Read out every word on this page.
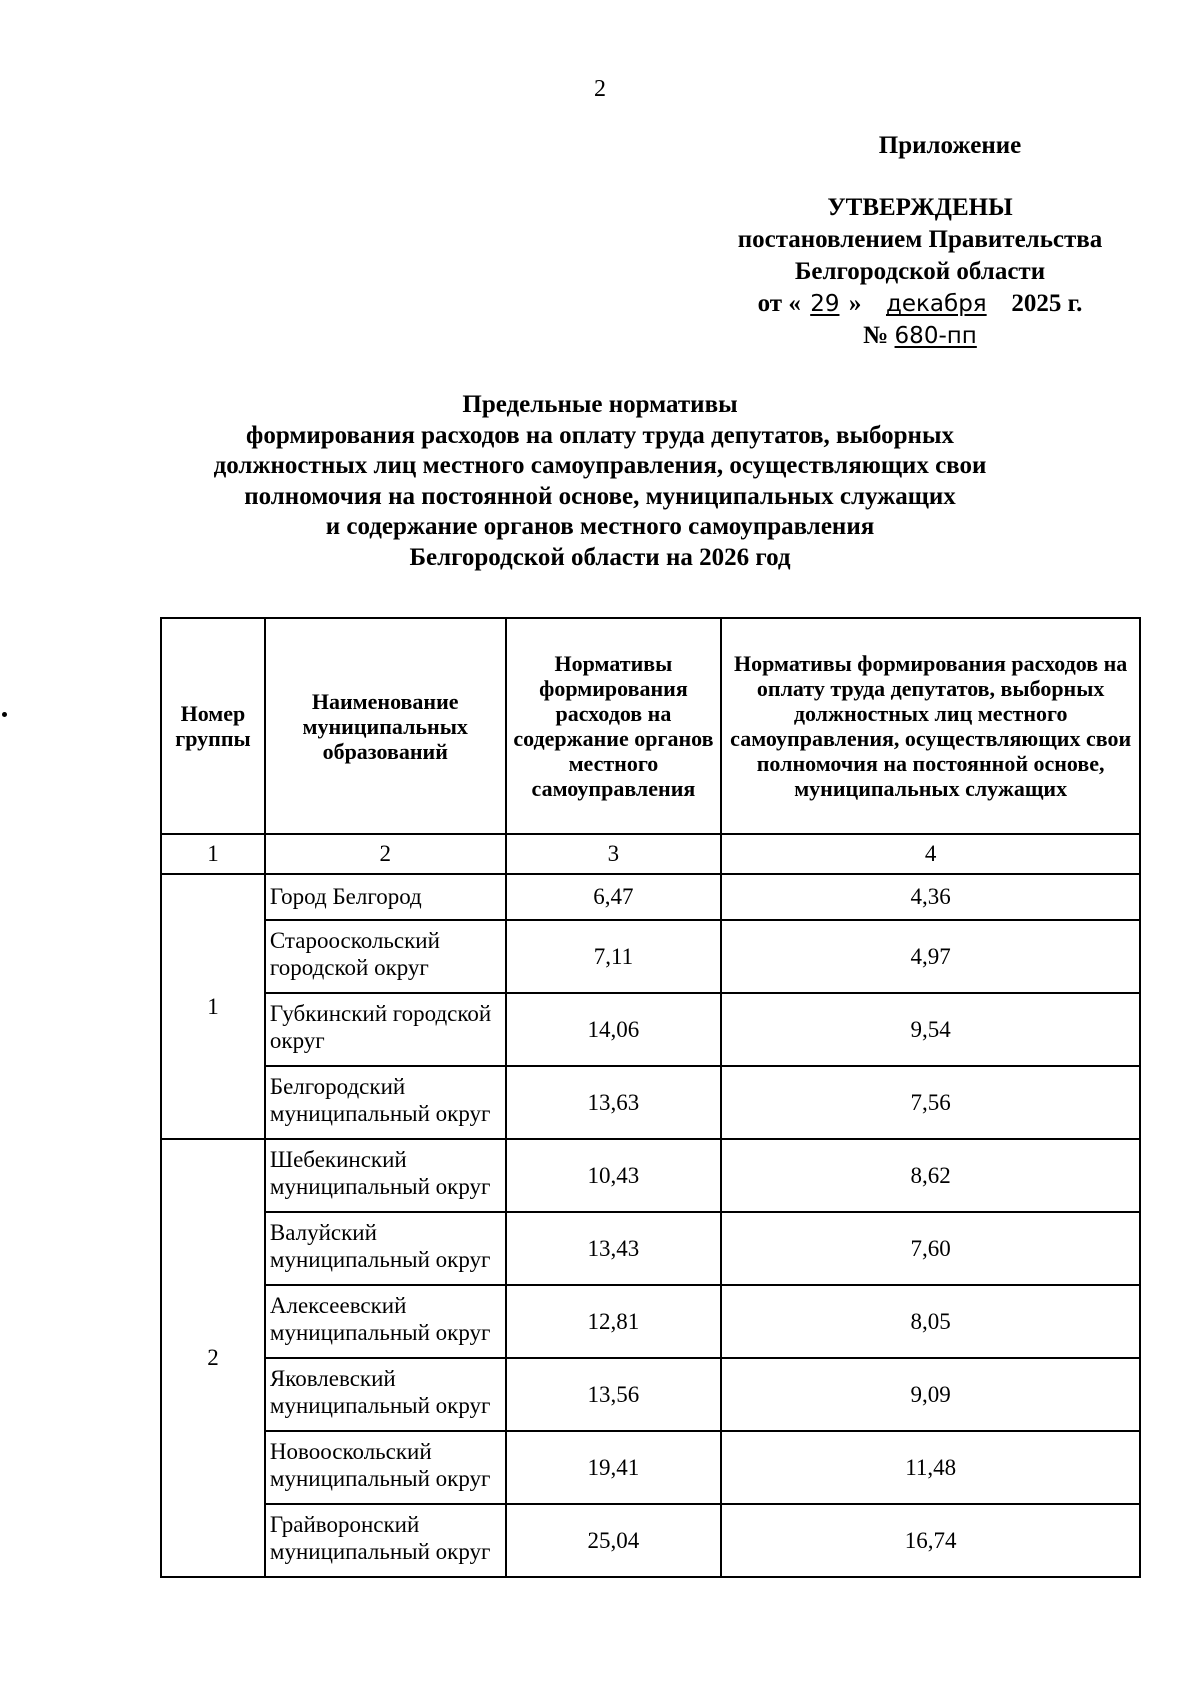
2
Приложение
УТВЕРЖДЕНЫ
постановлением Правительства
Белгородской области
от « 29 » декабря 2025 г.
№ 680-пп
Предельные нормативы
формирования расходов на оплату труда депутатов, выборных
должностных лиц местного самоуправления, осуществляющих свои
полномочия на постоянной основе, муниципальных служащих
и содержание органов местного самоуправления
Белгородской области на 2026 год
Номер группы	Наименование муниципальных образований	Нормативы формирования расходов на содержание органов местного самоуправления	Нормативы формирования расходов на оплату труда депутатов, выборных должностных лиц местного самоуправления, осуществляющих свои полномочия на постоянной основе, муниципальных служащих
1	2	3	4
1	Город Белгород	6,47	4,36
	Старооскольский городской округ	7,11	4,97
	Губкинский городской округ	14,06	9,54
	Белгородский муниципальный округ	13,63	7,56
2	Шебекинский муниципальный округ	10,43	8,62
	Валуйский муниципальный округ	13,43	7,60
	Алексеевский муниципальный округ	12,81	8,05
	Яковлевский муниципальный округ	13,56	9,09
	Новооскольский муниципальный округ	19,41	11,48
	Грайворонский муниципальный округ	25,04	16,74
